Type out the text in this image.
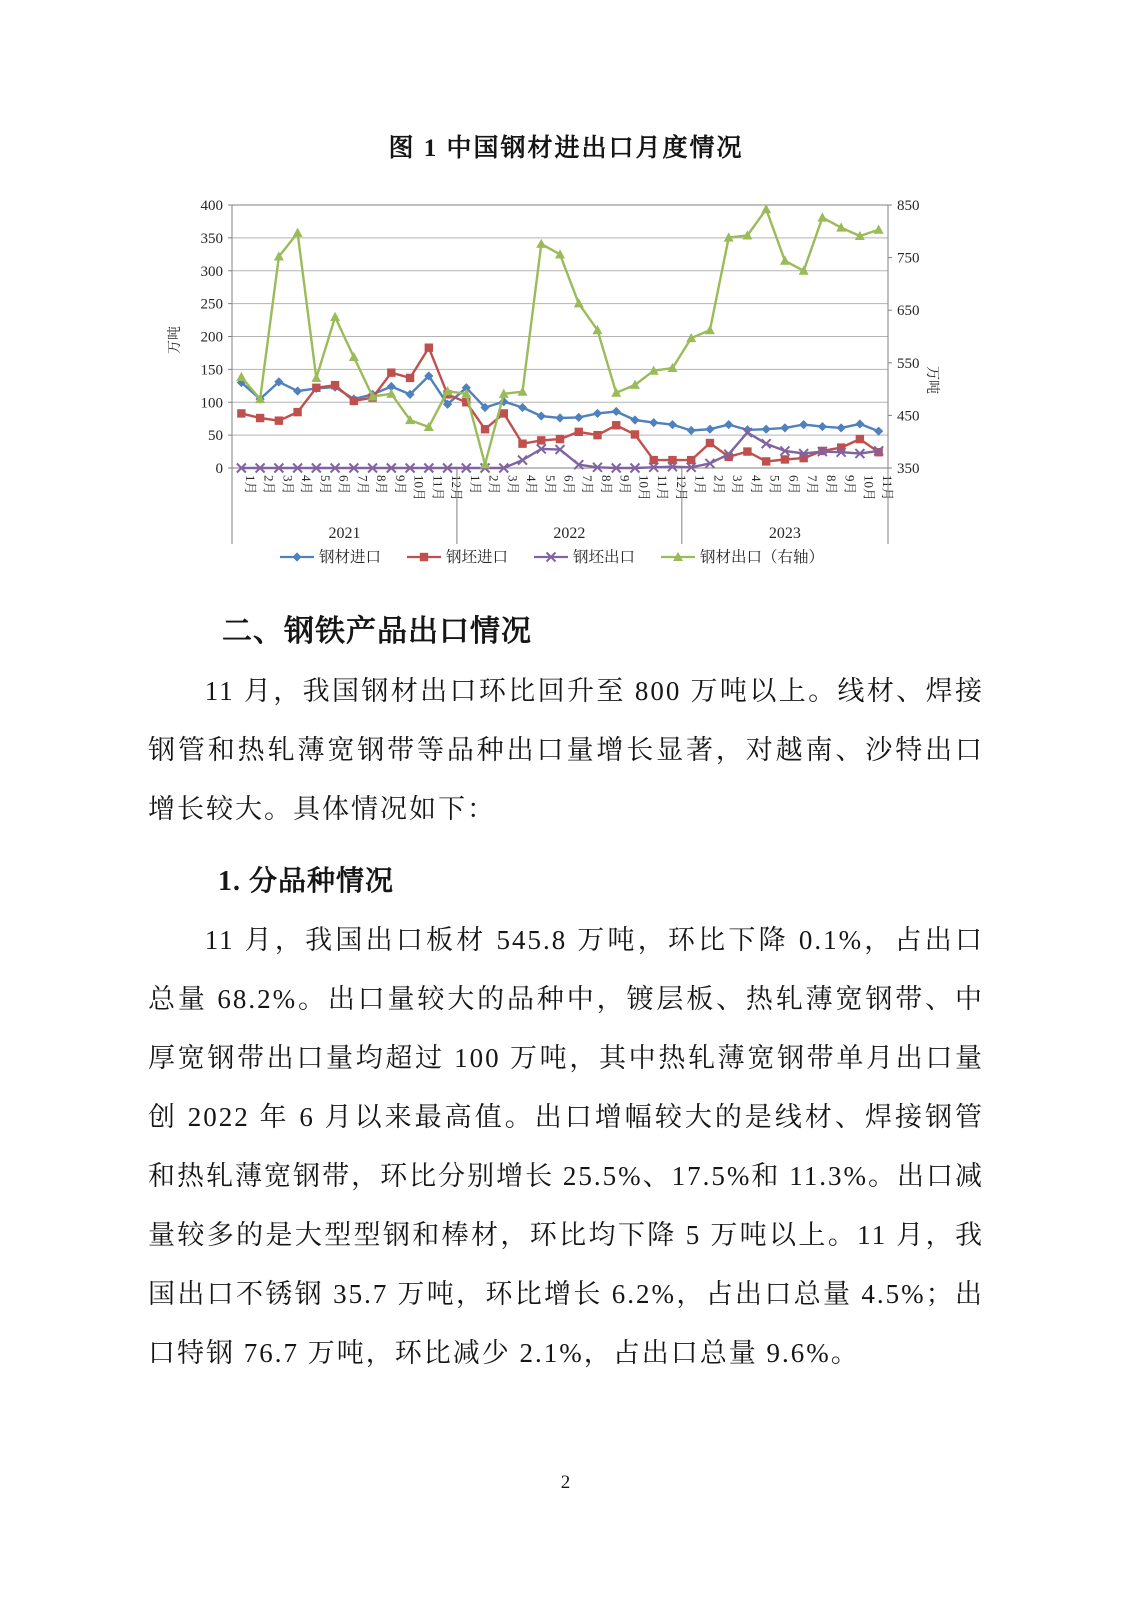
图 1 中国钢材进出口月度情况
0
50
100
150
200
250
300
350
400
350
450
550
650
750
850
1月 2月 3月 4月 5月 6月 7月 8月 9月 10月 11月 12月 1月 2月 3月 4月 5月 6月 7月 8月 9月 10月 11月 12月 1月 2月 3月 4月 5月 6月 7月 8月 9月 10月 11月
2021	2022	2023
万吨
万吨
钢材进口	钢坯进口	钢坯出口	钢材出口（右轴）
二、钢铁产品出口情况

11 月，我国钢材出口环比回升至 800 万吨以上。线材、焊接钢管和热轧薄宽钢带等品种出口量增长显著，对越南、沙特出口增长较大。具体情况如下：

1. 分品种情况

11 月，我国出口板材 545.8 万吨，环比下降 0.1%，占出口总量 68.2%。出口量较大的品种中，镀层板、热轧薄宽钢带、中厚宽钢带出口量均超过 100 万吨，其中热轧薄宽钢带单月出口量创 2022 年 6 月以来最高值。出口增幅较大的是线材、焊接钢管和热轧薄宽钢带，环比分别增长 25.5%、17.5%和 11.3%。出口减量较多的是大型型钢和棒材，环比均下降 5 万吨以上。11 月，我国出口不锈钢 35.7 万吨，环比增长 6.2%，占出口总量 4.5%；出口特钢 76.7 万吨，环比减少 2.1%，占出口总量 9.6%。

2
